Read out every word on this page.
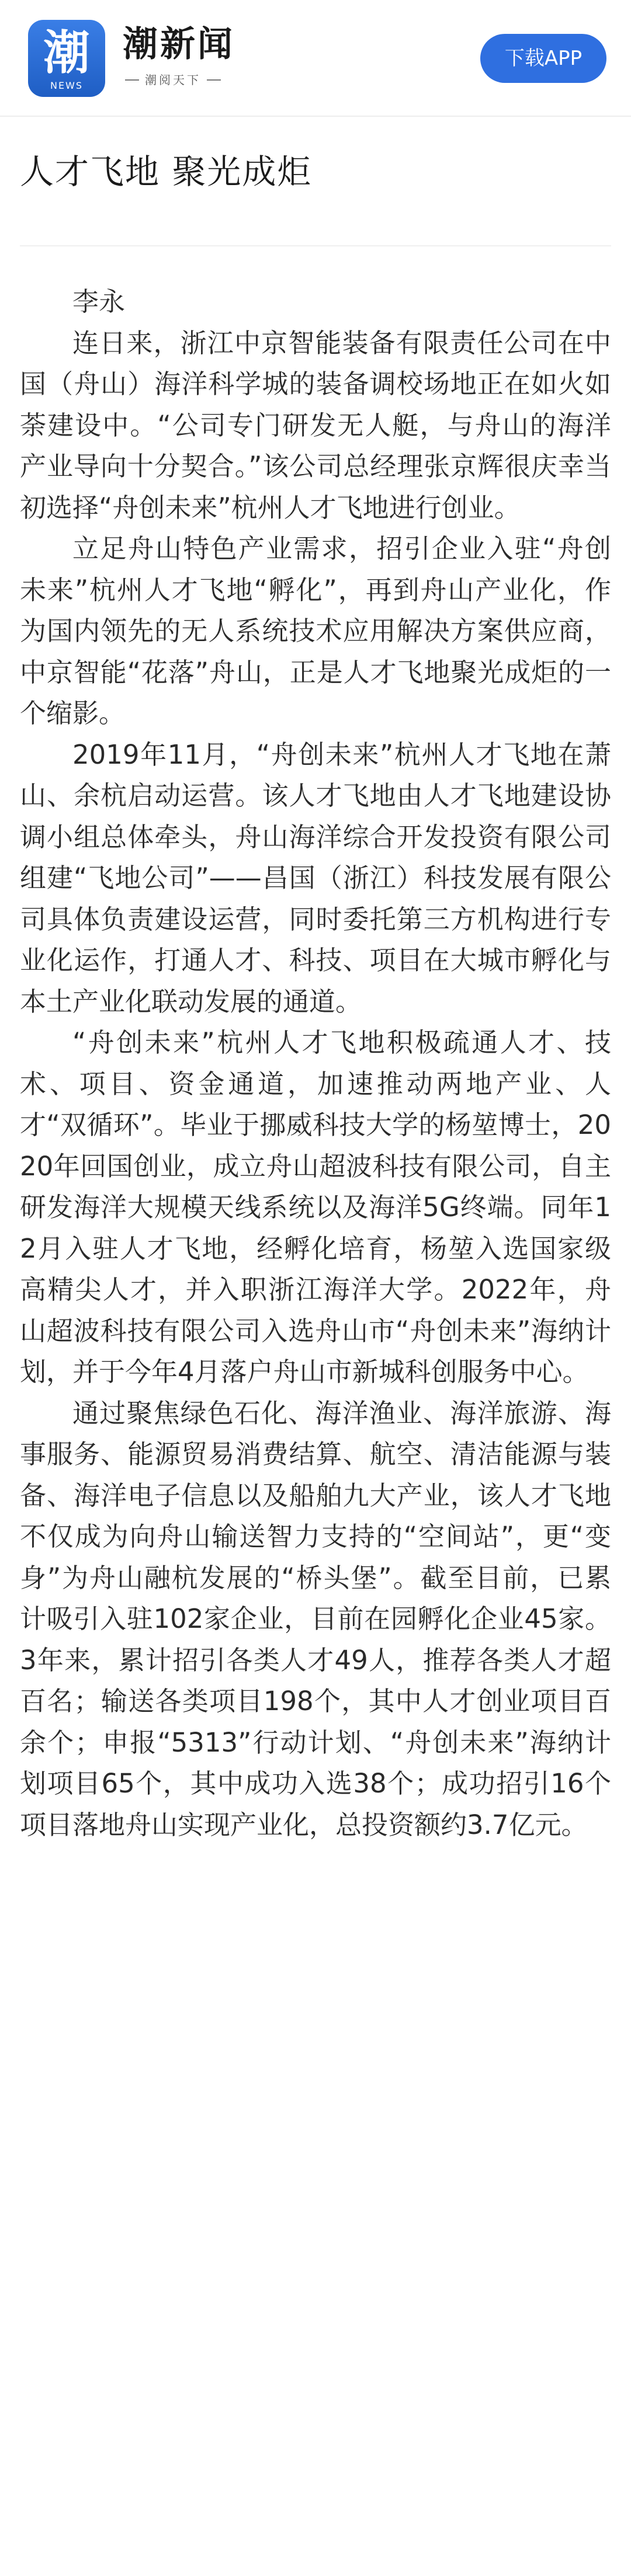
潮
NEWS
潮新闻
潮阅天下
下载APP
人才飞地 聚光成炬

李永

连日来，浙江中京智能装备有限责任公司在中国（舟山）海洋科学城的装备调校场地正在如火如荼建设中。“公司专门研发无人艇，与舟山的海洋产业导向十分契合。”该公司总经理张京辉很庆幸当初选择“舟创未来”杭州人才飞地进行创业。

立足舟山特色产业需求，招引企业入驻“舟创未来”杭州人才飞地“孵化”，再到舟山产业化，作为国内领先的无人系统技术应用解决方案供应商，中京智能“花落”舟山，正是人才飞地聚光成炬的一个缩影。

2019年11月，“舟创未来”杭州人才飞地在萧山、余杭启动运营。该人才飞地由人才飞地建设协调小组总体牵头，舟山海洋综合开发投资有限公司组建“飞地公司”——昌国（浙江）科技发展有限公司具体负责建设运营，同时委托第三方机构进行专业化运作，打通人才、科技、项目在大城市孵化与本土产业化联动发展的通道。

“舟创未来”杭州人才飞地积极疏通人才、技术、项目、资金通道，加速推动两地产业、人才“双循环”。毕业于挪威科技大学的杨堃博士，2020年回国创业，成立舟山超波科技有限公司，自主研发海洋大规模天线系统以及海洋5G终端。同年12月入驻人才飞地，经孵化培育，杨堃入选国家级高精尖人才，并入职浙江海洋大学。2022年，舟山超波科技有限公司入选舟山市“舟创未来”海纳计划，并于今年4月落户舟山市新城科创服务中心。

通过聚焦绿色石化、海洋渔业、海洋旅游、海事服务、能源贸易消费结算、航空、清洁能源与装备、海洋电子信息以及船舶九大产业，该人才飞地不仅成为向舟山输送智力支持的“空间站”，更“变身”为舟山融杭发展的“桥头堡”。截至目前，已累计吸引入驻102家企业，目前在园孵化企业45家。3年来，累计招引各类人才49人，推荐各类人才超百名；输送各类项目198个，其中人才创业项目百余个；申报“5313”行动计划、“舟创未来”海纳计划项目65个，其中成功入选38个；成功招引16个项目落地舟山实现产业化，总投资额约3.7亿元。
